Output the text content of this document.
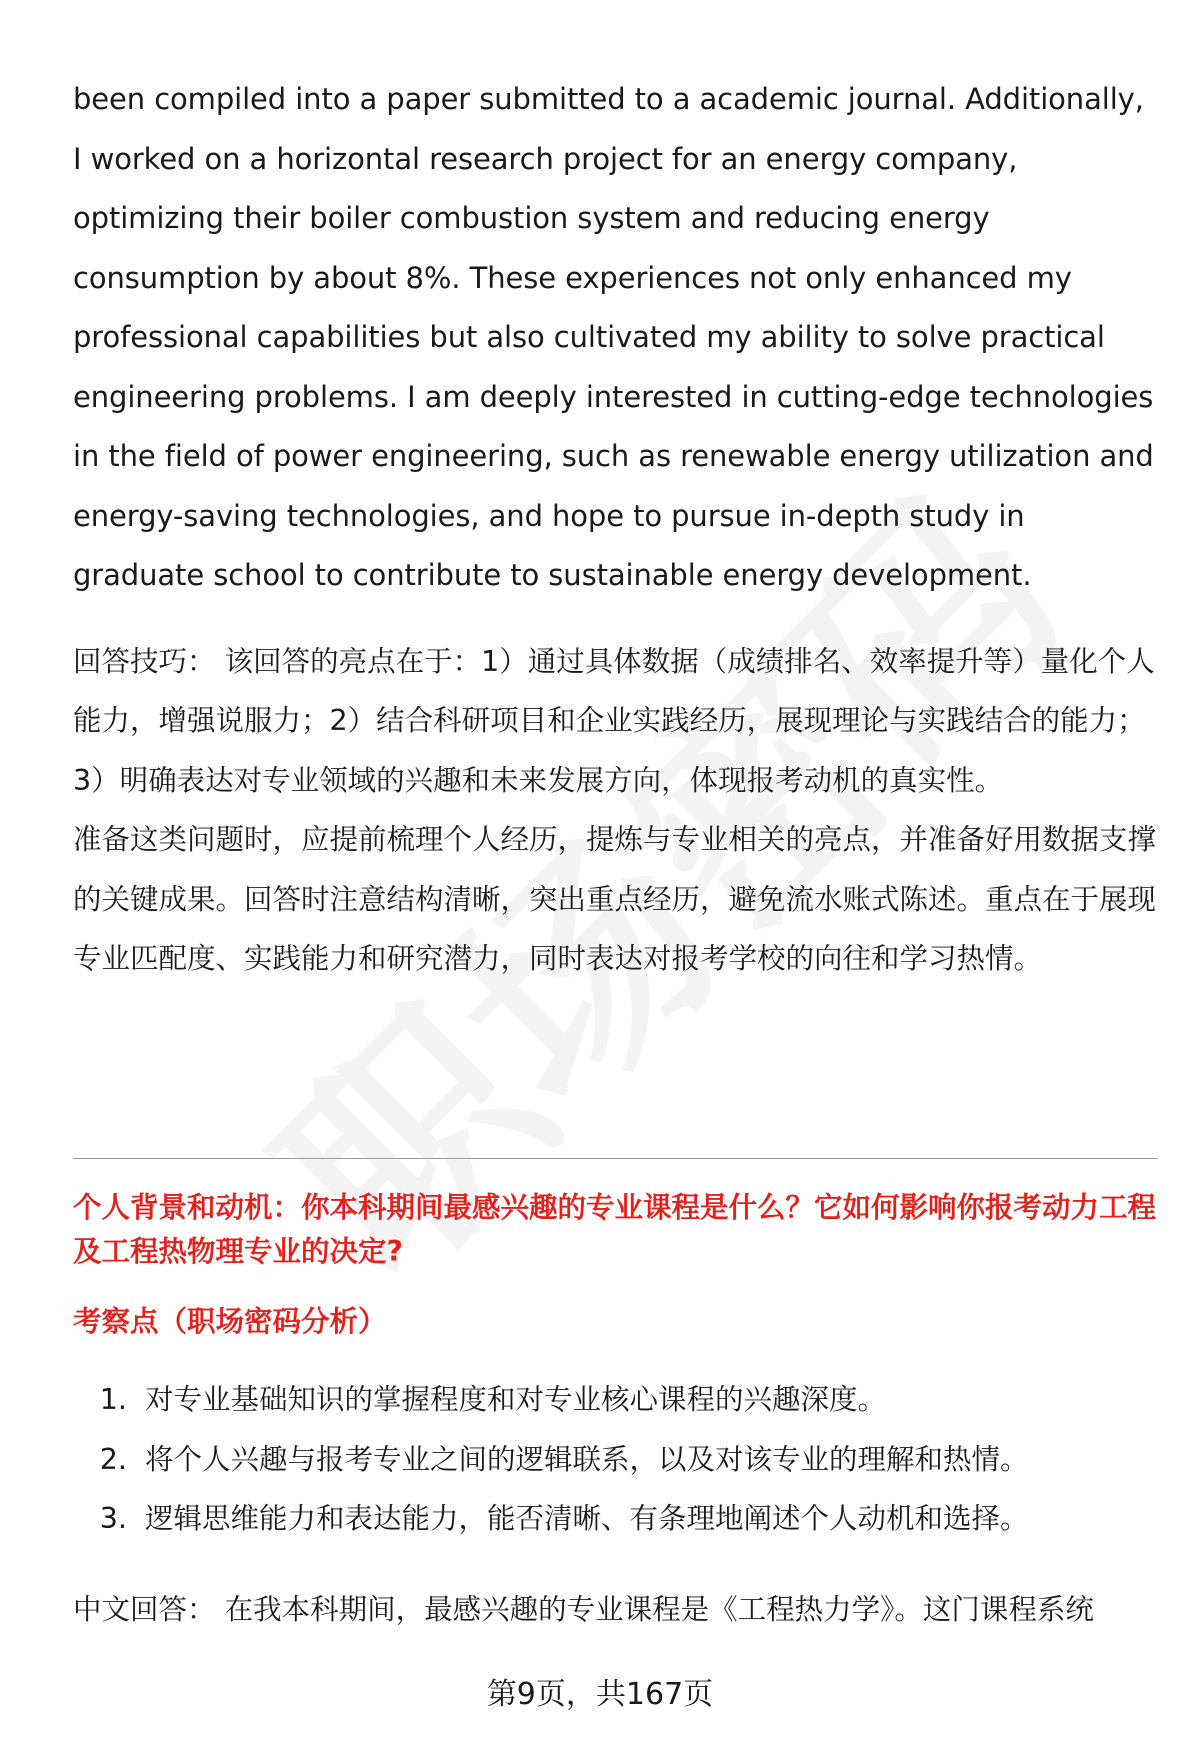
been compiled into a paper submitted to a academic journal. Additionally, I worked on a horizontal research project for an energy company, optimizing their boiler combustion system and reducing energy consumption by about 8%. These experiences not only enhanced my professional capabilities but also cultivated my ability to solve practical engineering problems. I am deeply interested in cutting-edge technologies in the field of power engineering, such as renewable energy utilization and energy-saving technologies, and hope to pursue in-depth study in graduate school to contribute to sustainable energy development.

回答技巧： 该回答的亮点在于：1）通过具体数据（成绩排名、效率提升等）量化个人能力，增强说服力；2）结合科研项目和企业实践经历，展现理论与实践结合的能力；3）明确表达对专业领域的兴趣和未来发展方向，体现报考动机的真实性。

准备这类问题时，应提前梳理个人经历，提炼与专业相关的亮点，并准备好用数据支撑的关键成果。回答时注意结构清晰，突出重点经历，避免流水账式陈述。重点在于展现专业匹配度、实践能力和研究潜力，同时表达对报考学校的向往和学习热情。

个人背景和动机：你本科期间最感兴趣的专业课程是什么？它如何影响你报考动力工程及工程热物理专业的决定?

考察点（职场密码分析）

1. 对专业基础知识的掌握程度和对专业核心课程的兴趣深度。
2. 将个人兴趣与报考专业之间的逻辑联系，以及对该专业的理解和热情。
3. 逻辑思维能力和表达能力，能否清晰、有条理地阐述个人动机和选择。

中文回答： 在我本科期间，最感兴趣的专业课程是《工程热力学》。这门课程系统

第9页，共167页
